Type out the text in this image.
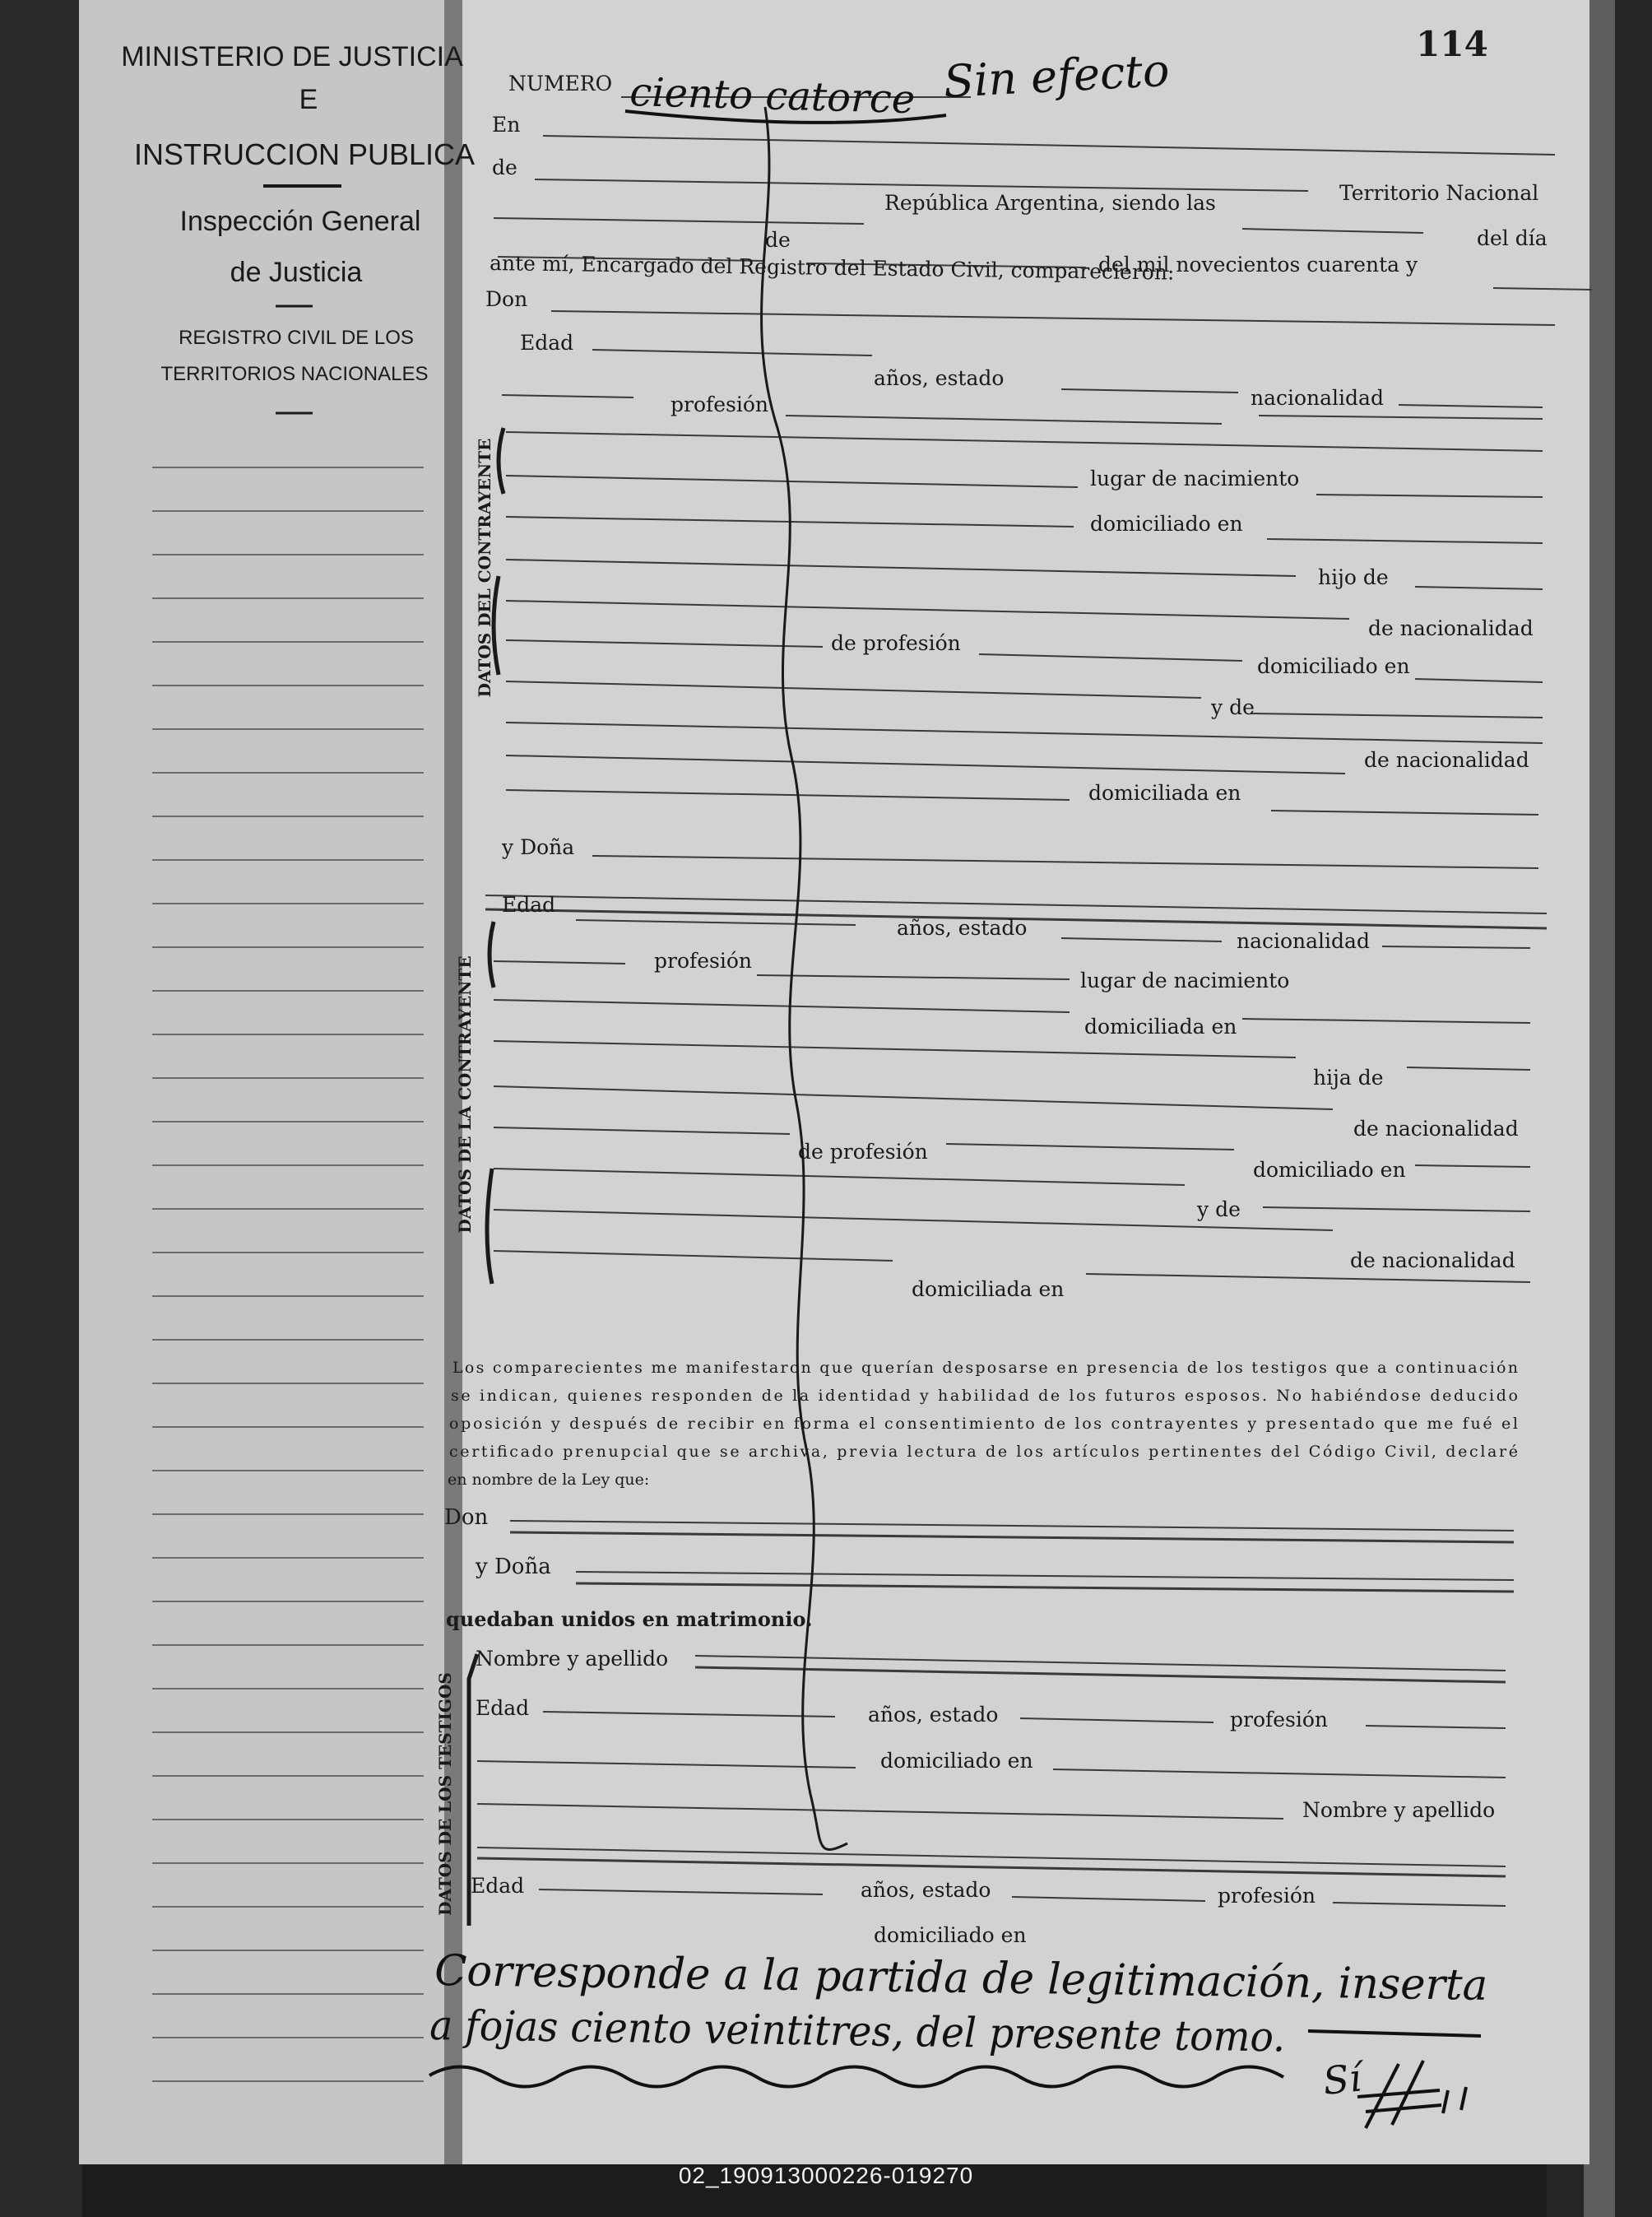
MINISTERIO DE JUSTICIA
E
INSTRUCCION PUBLICA
Inspección General
de Justicia
REGISTRO CIVIL DE LOS
TERRITORIOS NACIONALES
114
DATOS DEL CONTRAYENTE
DATOS DE LA CONTRAYENTE
DATOS DE LOS TESTIGOS
NUMERO
En
de
Territorio Nacional
República Argentina, siendo las
del día
de
del mil novecientos cuarenta y
ante mí, Encargado del Registro del Estado Civil, comparecieron:
Don
Edad
años, estado
nacionalidad
profesión
lugar de nacimiento
domiciliado en
hijo de
de nacionalidad
de profesión
domiciliado en
y de
de nacionalidad
domiciliada en
y Doña
Edad
años, estado
nacionalidad
profesión
lugar de nacimiento
domiciliada en
hija de
de nacionalidad
de profesión
domiciliado en
y de
de nacionalidad
domiciliada en
Los comparecientes me manifestaron que querían desposarse en presencia de los testigos que a continuación
se indican, quienes responden de la identidad y habilidad de los futuros esposos. No habiéndose deducido
oposición y después de recibir en forma el consentimiento de los contrayentes y presentado que me fué el
certificado prenupcial que se archiva, previa lectura de los artículos pertinentes del Código Civil, declaré
en nombre de la Ley que:
Don
y Doña
quedaban unidos en matrimonio.
Nombre y apellido
Edad	años, estado	profesión
domiciliado en
Nombre y apellido
Edad	años, estado	profesión
domiciliado en
ciento catorce Sin efecto
Corresponde a la partida de legitimación, inserta
a fojas ciento veintitres, del presente tomo.
Sí
02_190913000226-019270
